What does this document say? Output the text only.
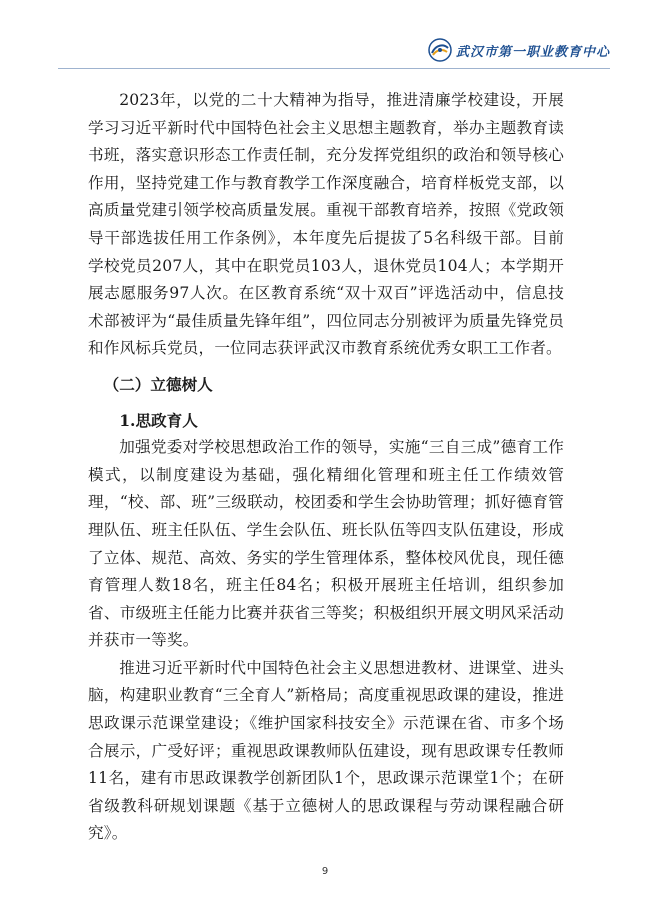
武汉市第一职业教育中心

2023年，以党的二十大精神为指导，推进清廉学校建设，开展学习习近平新时代中国特色社会主义思想主题教育，举办主题教育读书班，落实意识形态工作责任制，充分发挥党组织的政治和领导核心作用，坚持党建工作与教育教学工作深度融合，培育样板党支部，以高质量党建引领学校高质量发展。重视干部教育培养，按照《党政领导干部选拔任用工作条例》，本年度先后提拔了5名科级干部。目前学校党员207人，其中在职党员103人，退休党员104人；本学期开展志愿服务97人次。在区教育系统“双十双百”评选活动中，信息技术部被评为“最佳质量先锋年组”，四位同志分别被评为质量先锋党员和作风标兵党员，一位同志获评武汉市教育系统优秀女职工工作者。

（二）立德树人
1.思政育人

加强党委对学校思想政治工作的领导，实施“三自三成”德育工作模式，以制度建设为基础，强化精细化管理和班主任工作绩效管理，“校、部、班”三级联动，校团委和学生会协助管理；抓好德育管理队伍、班主任队伍、学生会队伍、班长队伍等四支队伍建设，形成了立体、规范、高效、务实的学生管理体系，整体校风优良，现任德育管理人数18名，班主任84名；积极开展班主任培训，组织参加省、市级班主任能力比赛并获省三等奖；积极组织开展文明风采活动并获市一等奖。

推进习近平新时代中国特色社会主义思想进教材、进课堂、进头脑，构建职业教育“三全育人”新格局；高度重视思政课的建设，推进思政课示范课堂建设；《维护国家科技安全》示范课在省、市多个场合展示，广受好评；重视思政课教师队伍建设，现有思政课专任教师11名，建有市思政课教学创新团队1个，思政课示范课堂1个；在研省级教科研规划课题《基于立德树人的思政课程与劳动课程融合研究》。

9
